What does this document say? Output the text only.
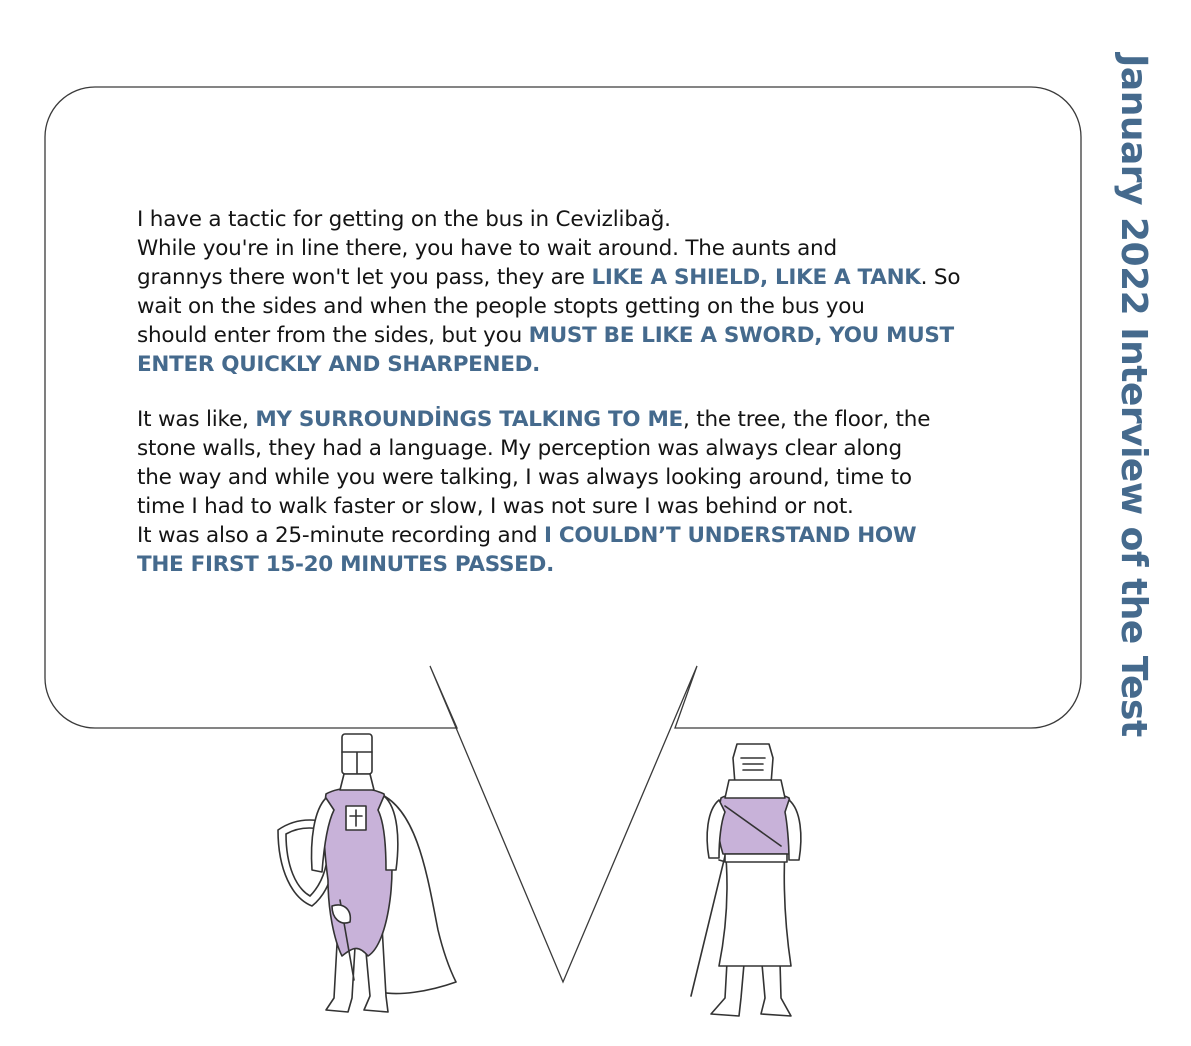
I have a tactic for getting on the bus in Cevizlibağ.
While you're in line there, you have to wait around. The aunts and
grannys there won't let you pass, they are LIKE A SHIELD, LIKE A TANK. So
wait on the sides and when the people stopts getting on the bus you
should enter from the sides, but you MUST BE LIKE A SWORD, YOU MUST
ENTER QUICKLY AND SHARPENED.

It was like, MY SURROUNDİNGS TALKING TO ME, the tree, the floor, the
stone walls, they had a language. My perception was always clear along
the way and while you were talking, I was always looking around, time to
time I had to walk faster or slow, I was not sure I was behind or not.
It was also a 25-minute recording and I COULDN’T UNDERSTAND HOW
THE FIRST 15-20 MINUTES PASSED.	January 2022 Interview of the Test
